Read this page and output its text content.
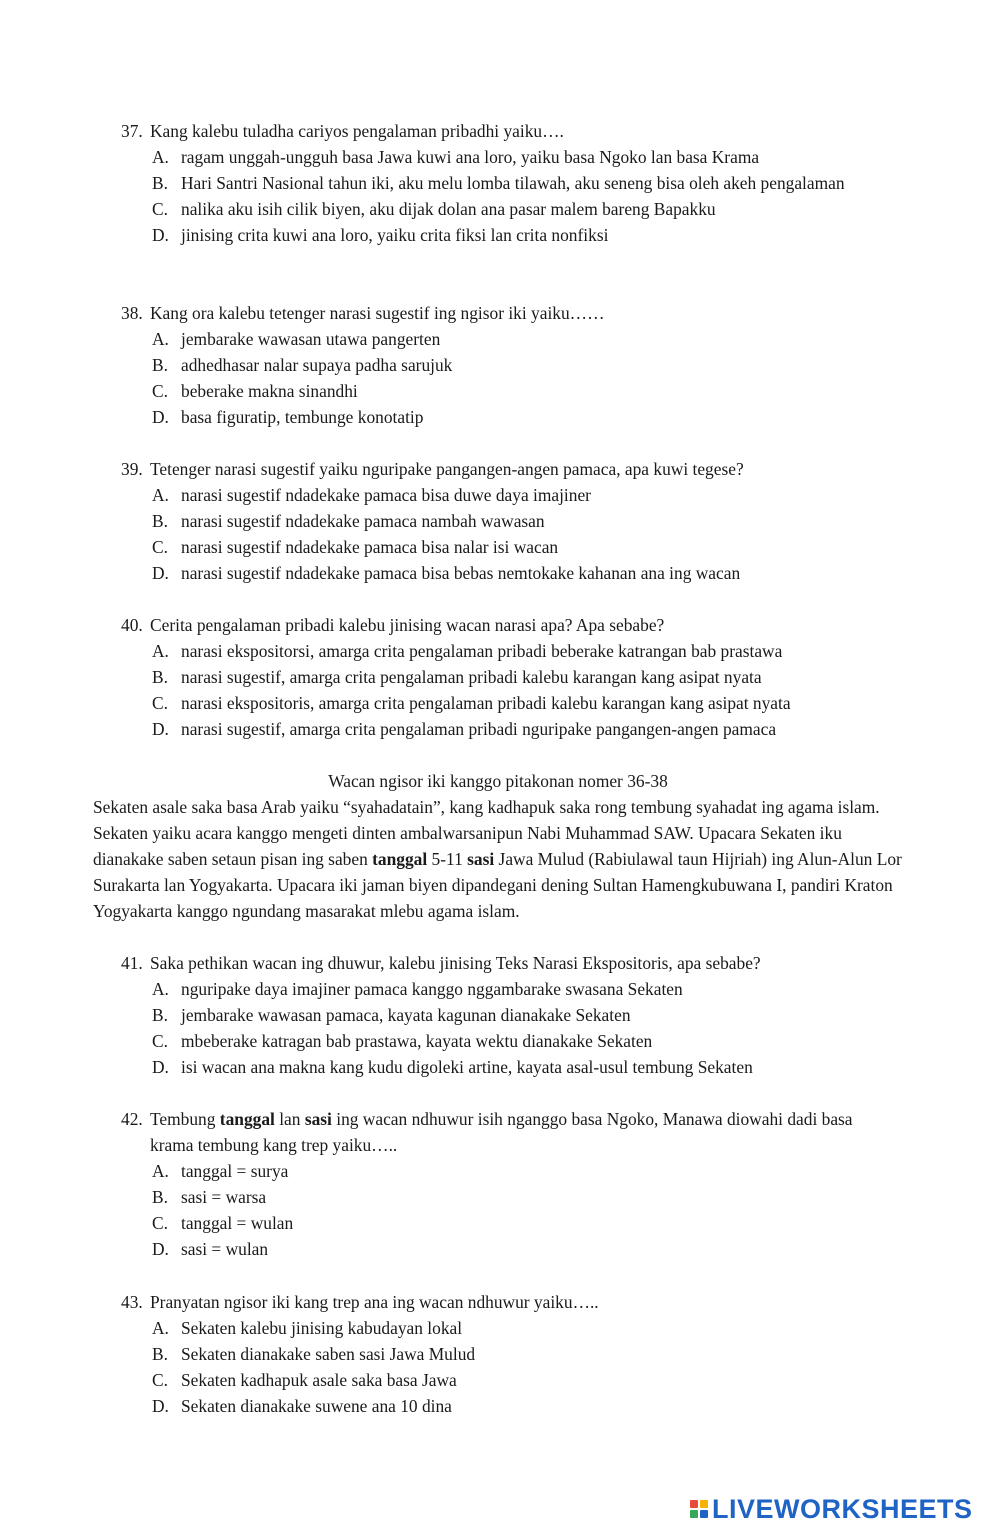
37. Kang kalebu tuladha cariyos pengalaman pribadhi yaiku….
A. ragam unggah-ungguh basa Jawa kuwi ana loro, yaiku basa Ngoko lan basa Krama
B. Hari Santri Nasional tahun iki, aku melu lomba tilawah, aku seneng bisa oleh akeh pengalaman
C. nalika aku isih cilik biyen, aku dijak dolan ana pasar malem bareng Bapakku
D. jinising crita kuwi ana loro, yaiku crita fiksi lan crita nonfiksi
38. Kang ora kalebu tetenger narasi sugestif ing ngisor iki yaiku……
A. jembarake wawasan utawa pangerten
B. adhedhasar nalar supaya padha sarujuk
C. beberake makna sinandhi
D. basa figuratip, tembunge konotatip
39. Tetenger narasi sugestif yaiku nguripake pangangen-angen pamaca, apa kuwi tegese?
A. narasi sugestif ndadekake pamaca bisa duwe daya imajiner
B. narasi sugestif ndadekake pamaca nambah wawasan
C. narasi sugestif ndadekake pamaca bisa nalar isi wacan
D. narasi sugestif ndadekake pamaca bisa bebas nemtokake kahanan ana ing wacan
40. Cerita pengalaman pribadi kalebu jinising wacan narasi apa? Apa sebabe?
A. narasi ekspositorsi, amarga crita pengalaman pribadi beberake katrangan bab prastawa
B. narasi sugestif, amarga crita pengalaman pribadi kalebu karangan kang asipat nyata
C. narasi ekspositoris, amarga crita pengalaman pribadi kalebu karangan kang asipat nyata
D. narasi sugestif, amarga crita pengalaman pribadi nguripake pangangen-angen pamaca
Wacan ngisor iki kanggo pitakonan nomer 36-38
Sekaten asale saka basa Arab yaiku “syahadatain”, kang kadhapuk saka rong tembung syahadat ing agama islam. Sekaten yaiku acara kanggo mengeti dinten ambalwarsanipun Nabi Muhammad SAW. Upacara Sekaten iku dianakake saben setaun pisan ing saben tanggal 5-11 sasi Jawa Mulud (Rabiulawal taun Hijriah) ing Alun-Alun Lor Surakarta lan Yogyakarta. Upacara iki jaman biyen dipandegani dening Sultan Hamengkubuwana I, pandiri Kraton Yogyakarta kanggo ngundang masarakat mlebu agama islam.
41. Saka pethikan wacan ing dhuwur, kalebu jinising Teks Narasi Ekspositoris, apa sebabe?
A. nguripake daya imajiner pamaca kanggo nggambarake swasana Sekaten
B. jembarake wawasan pamaca, kayata kagunan dianakake Sekaten
C. mbeberake katragan bab prastawa, kayata wektu dianakake Sekaten
D. isi wacan ana makna kang kudu digoleki artine, kayata asal-usul tembung Sekaten
42. Tembung tanggal lan sasi ing wacan ndhuwur isih nganggo basa Ngoko, Manawa diowahi dadi basa krama tembung kang trep yaiku…..
A. tanggal = surya
B. sasi = warsa
C. tanggal = wulan
D. sasi = wulan
43. Pranyatan ngisor iki kang trep ana ing wacan ndhuwur yaiku…..
A. Sekaten kalebu jinising kabudayan lokal
B. Sekaten dianakake saben sasi Jawa Mulud
C. Sekaten kadhapuk asale saka basa Jawa
D. Sekaten dianakake suwene ana 10 dina
LIVEWORKSHEETS
